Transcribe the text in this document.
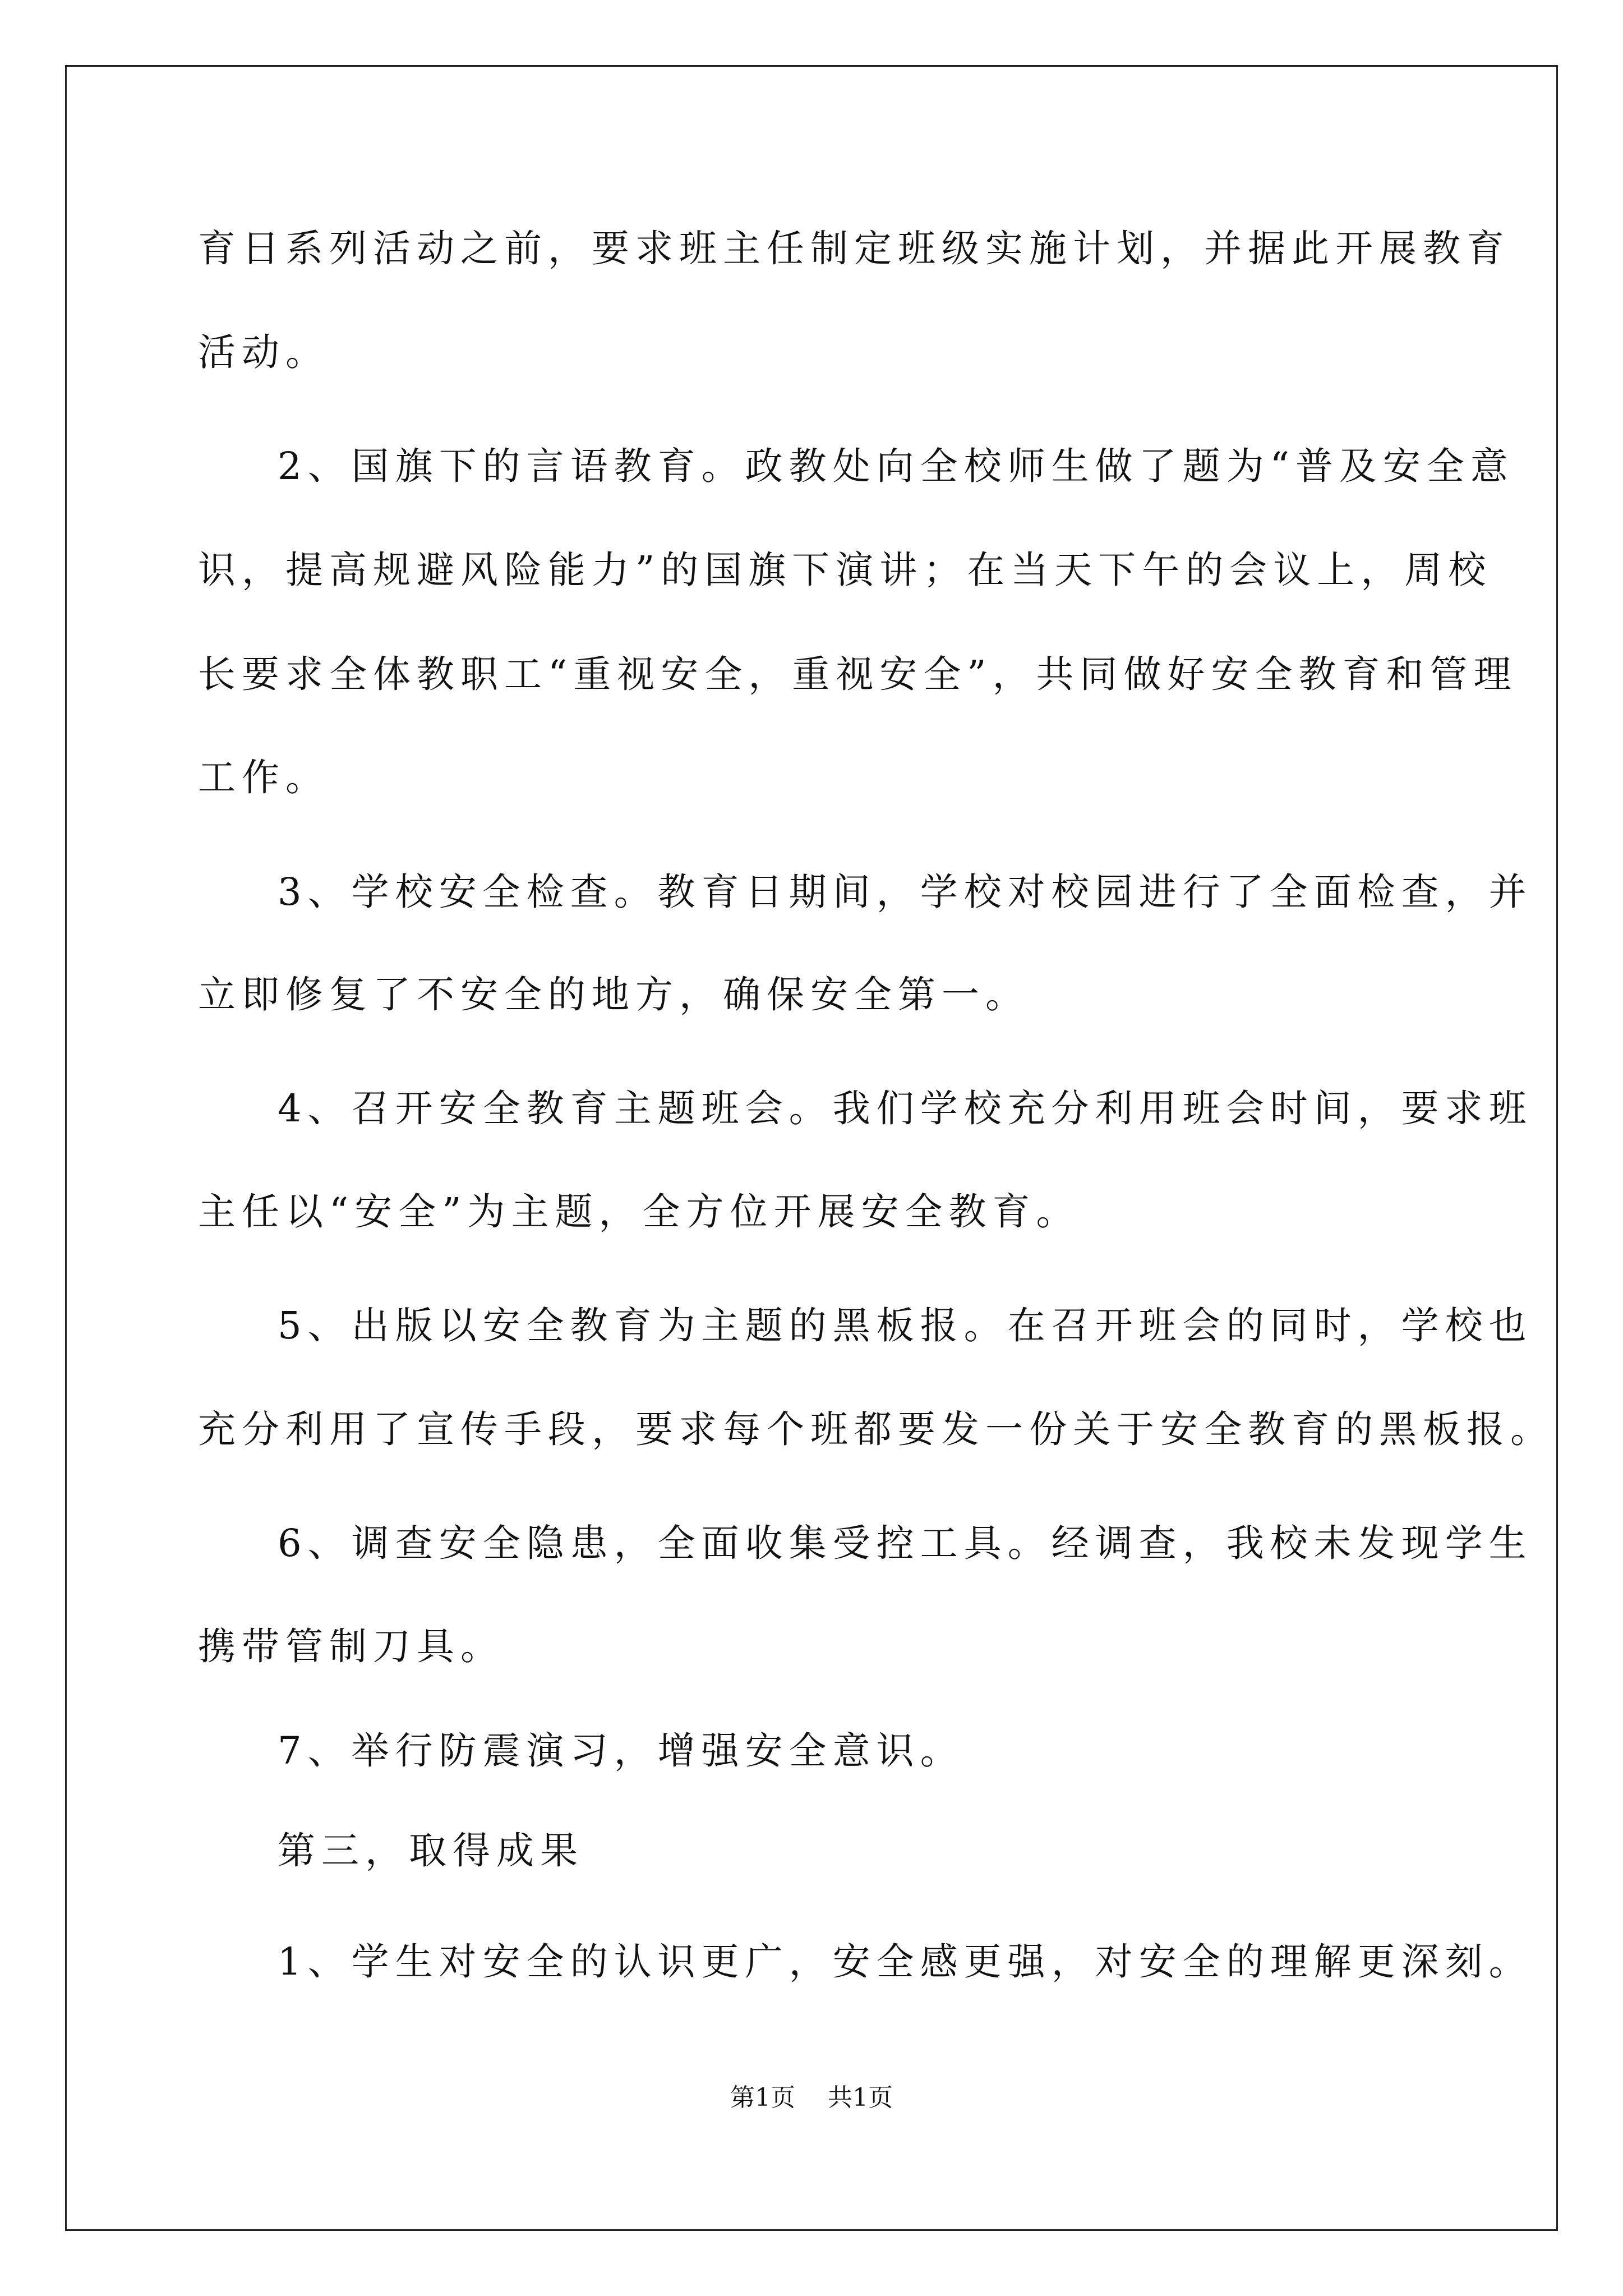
育日系列活动之前，要求班主任制定班级实施计划，并据此开展教育
活动。
2、国旗下的言语教育。政教处向全校师生做了题为“普及安全意
识，提高规避风险能力”的国旗下演讲；在当天下午的会议上，周校
长要求全体教职工“重视安全，重视安全”，共同做好安全教育和管理
工作。
3、学校安全检查。教育日期间，学校对校园进行了全面检查，并
立即修复了不安全的地方，确保安全第一。
4、召开安全教育主题班会。我们学校充分利用班会时间，要求班
主任以“安全”为主题，全方位开展安全教育。
5、出版以安全教育为主题的黑板报。在召开班会的同时，学校也
充分利用了宣传手段，要求每个班都要发一份关于安全教育的黑板报。
6、调查安全隐患，全面收集受控工具。经调查，我校未发现学生
携带管制刀具。
7、举行防震演习，增强安全意识。
第三，取得成果
1、学生对安全的认识更广，安全感更强，对安全的理解更深刻。
第1页 共1页
